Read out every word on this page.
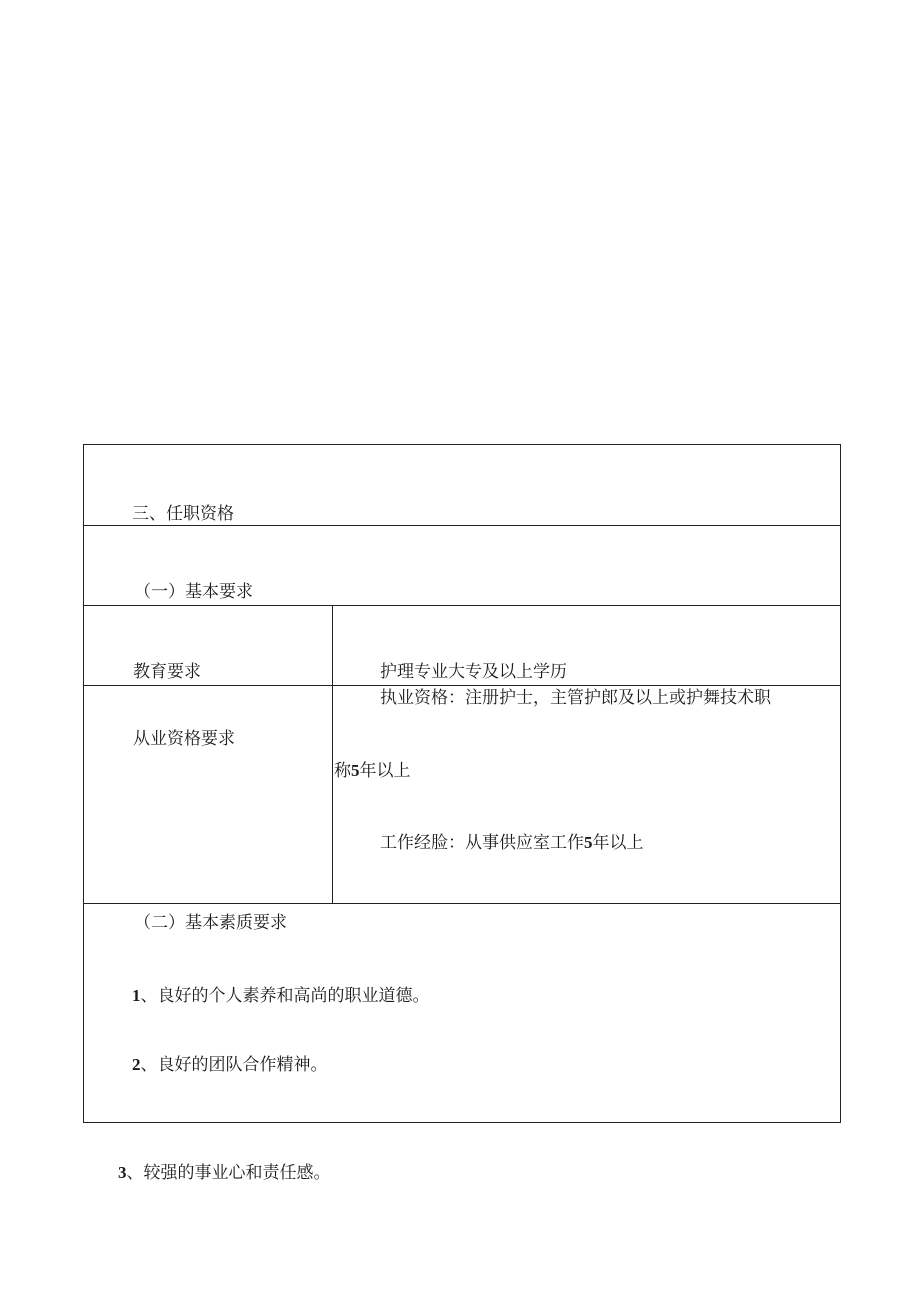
三、任职资格
（一）基本要求
教育要求	护理专业大专及以上学历
从业资格要求
执业资格：注册护士，主管护郎及以上或护舞技术职
称5年以上
工作经脸：从事供应室工作5年以上
（二）基本素质要求
1、良好的个人素养和高尚的职业道德。
2、良好的团队合作精神。
3、较强的事业心和责任感。
